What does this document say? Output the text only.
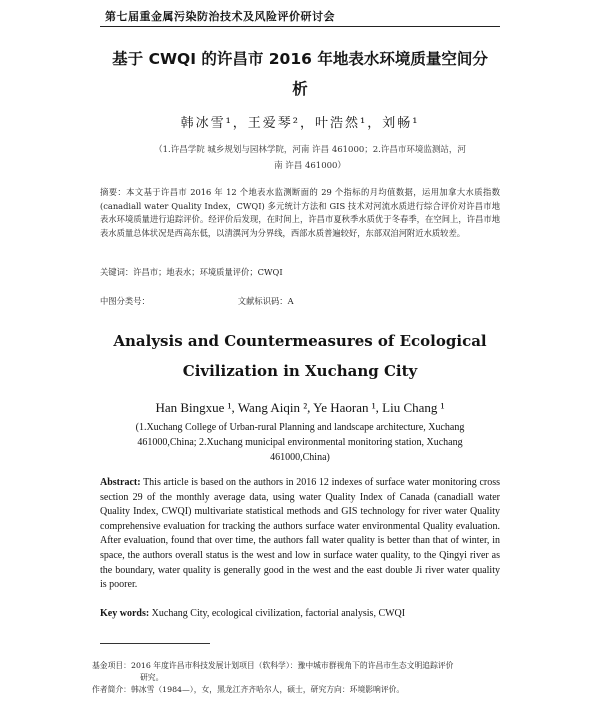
第七届重金属污染防治技术及风险评价研讨会
基于 CWQI 的许昌市 2016 年地表水环境质量空间分
析
韩冰雪¹，王爱琴²，叶浩然¹，刘畅¹
（1.许昌学院 城乡规划与园林学院，河南 许昌 461000；2.许昌市环境监测站，河
南 许昌 461000）
摘要：本文基于许昌市 2016 年 12 个地表水监测断面的 29 个指标的月均值数据，运用加拿大水质指数(canadiall water Quality Index，CWQI) 多元统计方法和 GIS 技术对河流水质进行综合评价对许昌市地表水环境质量进行追踪评价。经评价后发现，在时间上，许昌市夏秋季水质优于冬春季，在空间上，许昌市地表水质量总体状况是西高东低，以清潩河为分界线，西部水质普遍较好，东部双洎河附近水质较差。
关键词：许昌市；地表水；环境质量评价；CWQI
中图分类号：	文献标识码：A
Analysis and Countermeasures of Ecological
Civilization in Xuchang City
Han Bingxue ¹, Wang Aiqin ², Ye Haoran ¹, Liu Chang ¹
(1.Xuchang College of Urban-rural Planning and landscape architecture, Xuchang
461000,China; 2.Xuchang municipal environmental monitoring station, Xuchang
461000,China)
Abstract: This article is based on the authors in 2016 12 indexes of surface water monitoring cross section 29 of the monthly average data, using water Quality Index of Canada (canadiall water Quality Index, CWQI) multivariate statistical methods and GIS technology for river water Quality comprehensive evaluation for tracking the authors surface water environmental Quality evaluation. After evaluation, found that over time, the authors fall water quality is better than that of winter, in space, the authors overall status is the west and low in surface water quality, to the Qingyi river as the boundary, water quality is generally good in the west and the east double Ji river water quality is poorer.
Key words: Xuchang City, ecological civilization, factorial analysis, CWQI
基金项目：2016 年度许昌市科技发展计划项目（软科学）：豫中城市群视角下的许昌市生态文明追踪评价
研究。
作者简介：韩冰雪（1984—），女，黑龙江齐齐哈尔人，硕士，研究方向：环境影响评价。
